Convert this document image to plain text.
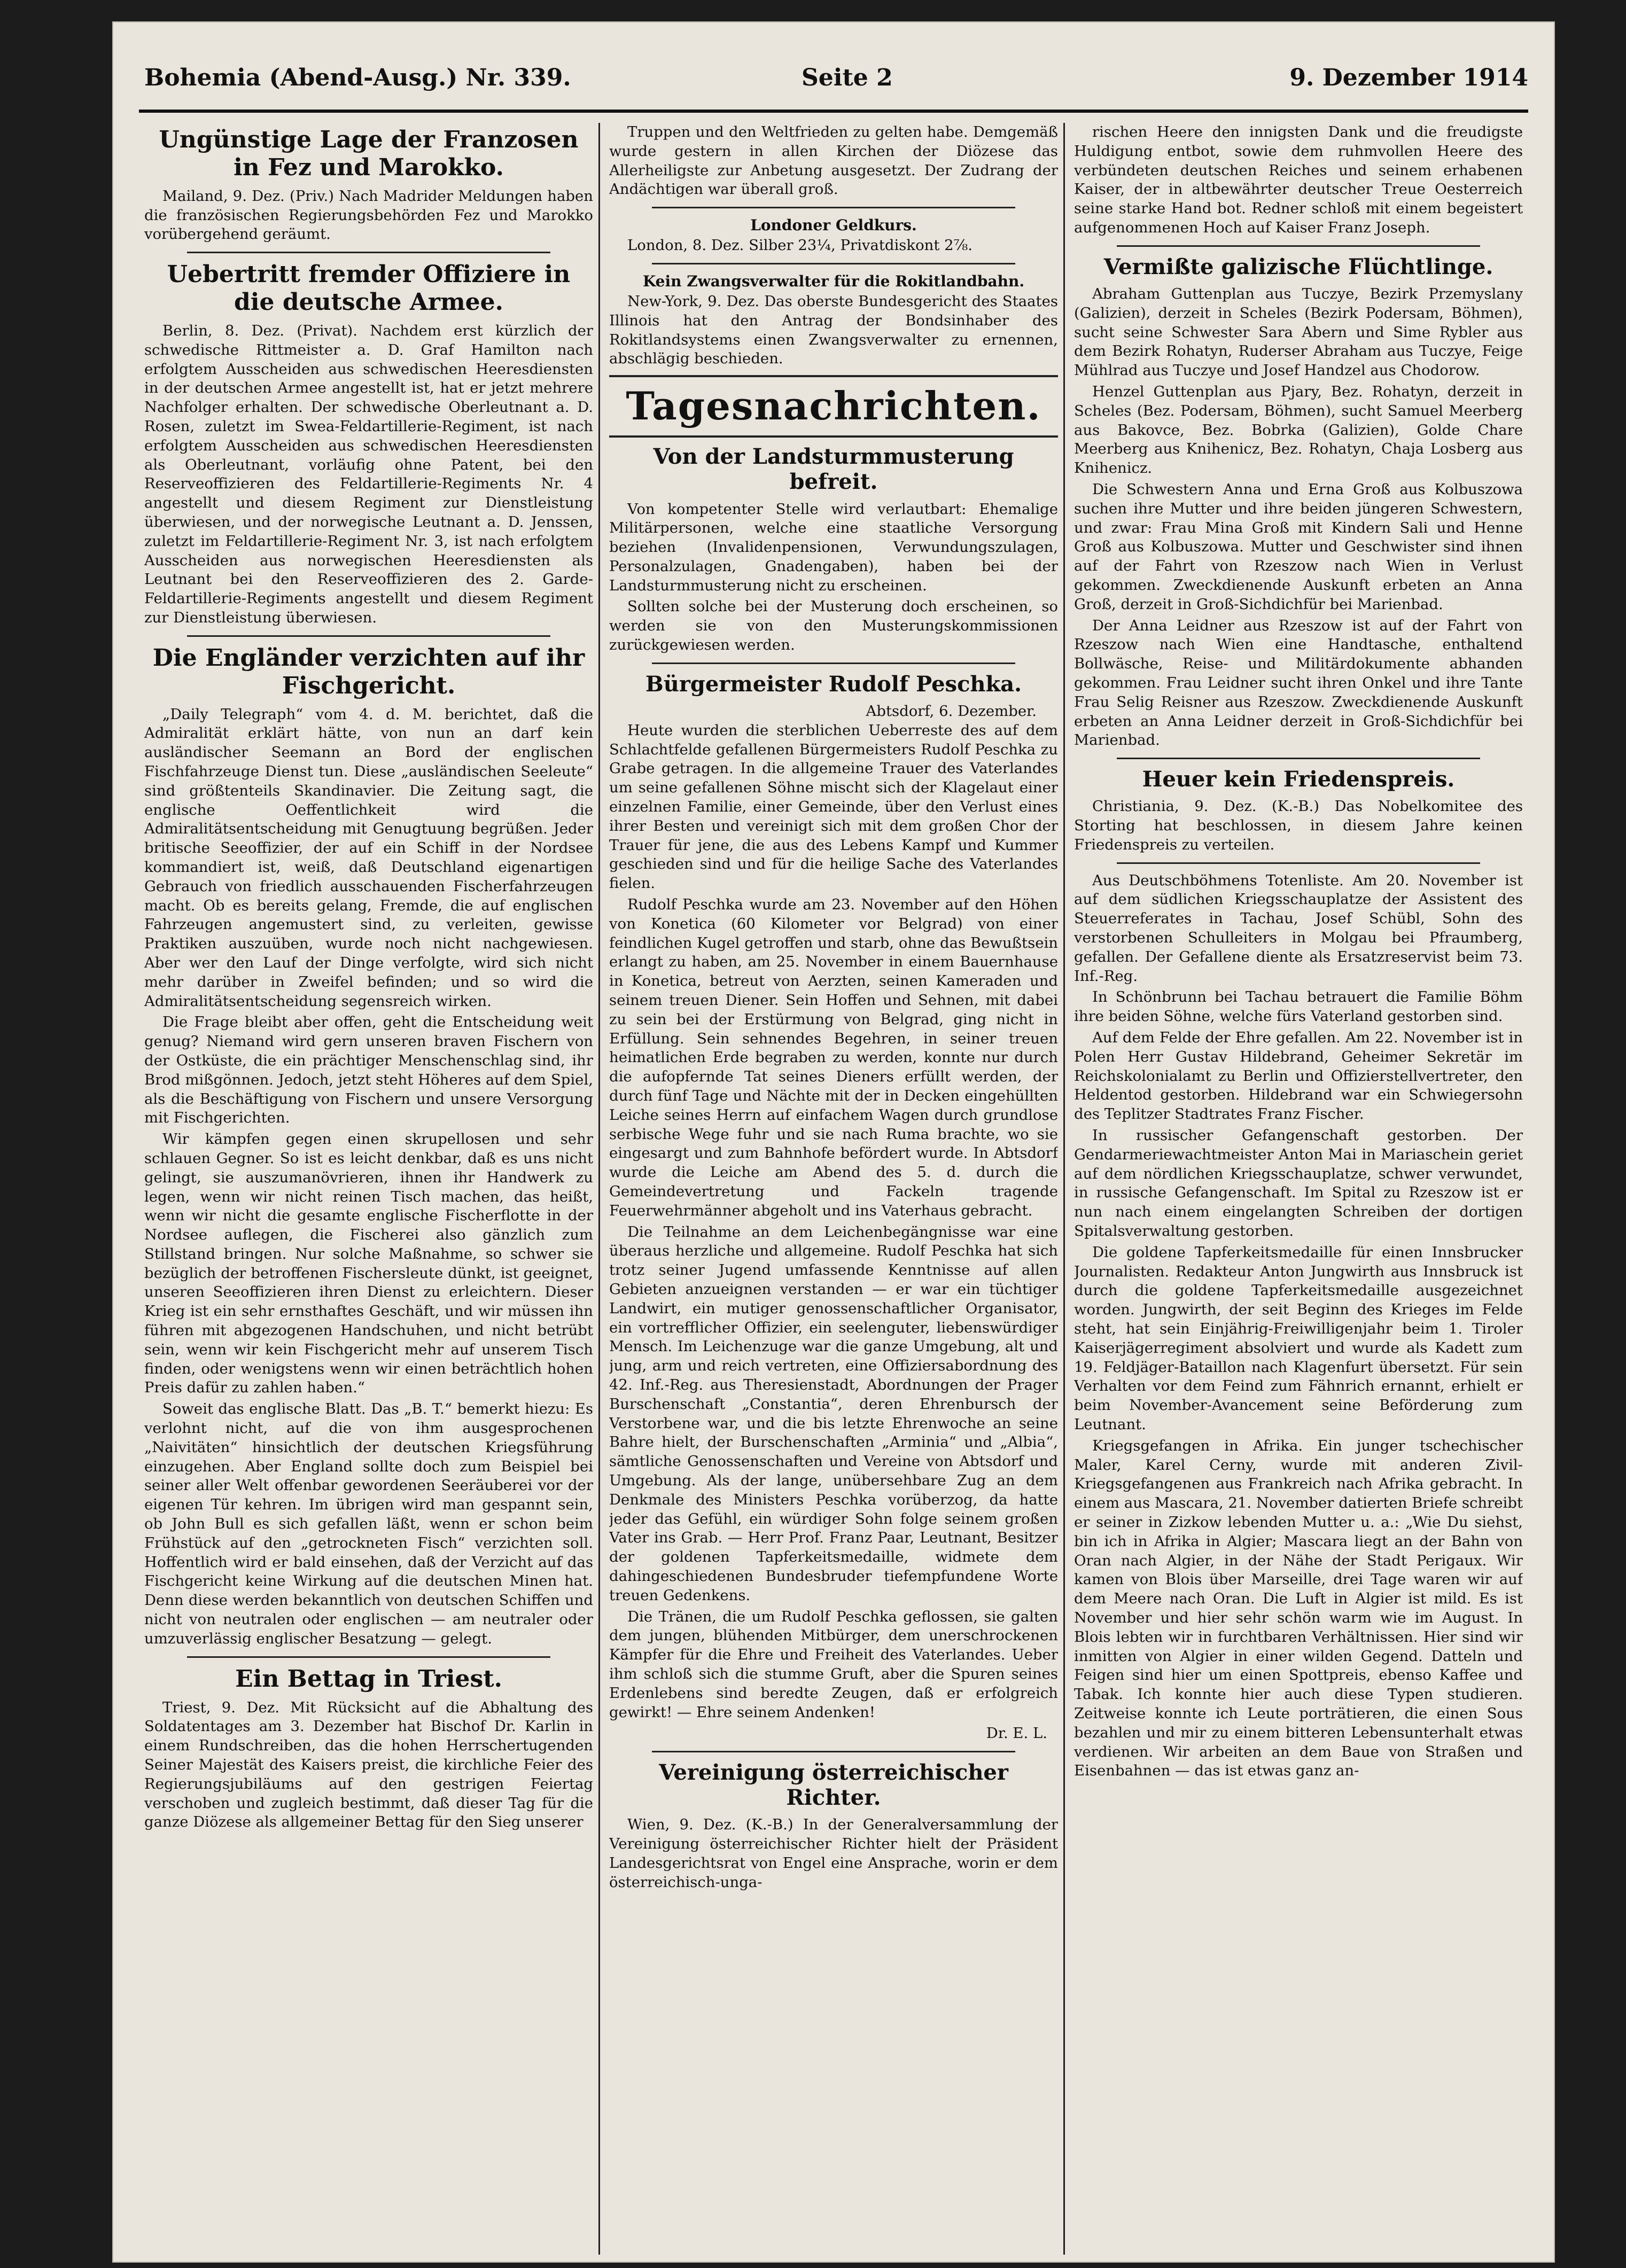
Bohemia (Abend-Ausg.) Nr. 339.	Seite 2	9. Dezember 1914
Ungünstige Lage der Franzosen in Fez und Marokko.

Mailand, 9. Dez. (Priv.) Nach Madrider Meldungen haben die französischen Regierungsbehörden Fez und Marokko vorübergehend geräumt.

Uebertritt fremder Offiziere in die deutsche Armee.

Berlin, 8. Dez. (Privat). Nachdem erst kürzlich der schwedische Rittmeister a. D. Graf Hamilton nach erfolgtem Ausscheiden aus schwedischen Heeresdiensten in der deutschen Armee angestellt ist, hat er jetzt mehrere Nachfolger erhalten. Der schwedische Oberleutnant a. D. Rosen, zuletzt im Swea-Feldartillerie-Regiment, ist nach erfolgtem Ausscheiden aus schwedischen Heeresdiensten als Oberleutnant, vorläufig ohne Patent, bei den Reserveoffizieren des Feldartillerie-Regiments Nr. 4 angestellt und diesem Regiment zur Dienstleistung überwiesen, und der norwegische Leutnant a. D. Jenssen, zuletzt im Feldartillerie-Regiment Nr. 3, ist nach erfolgtem Ausscheiden aus norwegischen Heeresdiensten als Leutnant bei den Reserveoffizieren des 2. Garde-Feldartillerie-Regiments angestellt und diesem Regiment zur Dienstleistung überwiesen.

Die Engländer verzichten auf ihr Fischgericht.

„Daily Telegraph“ vom 4. d. M. berichtet, daß die Admiralität erklärt hätte, von nun an darf kein ausländischer Seemann an Bord der englischen Fischfahrzeuge Dienst tun. Diese „ausländischen Seeleute“ sind größtenteils Skandinavier. Die Zeitung sagt, die englische Oeffentlichkeit wird die Admiralitätsentscheidung mit Genugtuung begrüßen. Jeder britische Seeoffizier, der auf ein Schiff in der Nordsee kommandiert ist, weiß, daß Deutschland eigenartigen Gebrauch von friedlich ausschauenden Fischerfahrzeugen macht. Ob es bereits gelang, Fremde, die auf englischen Fahrzeugen angemustert sind, zu verleiten, gewisse Praktiken auszuüben, wurde noch nicht nachgewiesen. Aber wer den Lauf der Dinge verfolgte, wird sich nicht mehr darüber in Zweifel befinden; und so wird die Admiralitätsentscheidung segensreich wirken.

Die Frage bleibt aber offen, geht die Entscheidung weit genug? Niemand wird gern unseren braven Fischern von der Ostküste, die ein prächtiger Menschenschlag sind, ihr Brod mißgönnen. Jedoch, jetzt steht Höheres auf dem Spiel, als die Beschäftigung von Fischern und unsere Versorgung mit Fischgerichten.

Wir kämpfen gegen einen skrupellosen und sehr schlauen Gegner. So ist es leicht denkbar, daß es uns nicht gelingt, sie auszumanövrieren, ihnen ihr Handwerk zu legen, wenn wir nicht reinen Tisch machen, das heißt, wenn wir nicht die gesamte englische Fischerflotte in der Nordsee auflegen, die Fischerei also gänzlich zum Stillstand bringen. Nur solche Maßnahme, so schwer sie bezüglich der betroffenen Fischersleute dünkt, ist geeignet, unseren Seeoffizieren ihren Dienst zu erleichtern. Dieser Krieg ist ein sehr ernsthaftes Geschäft, und wir müssen ihn führen mit abgezogenen Handschuhen, und nicht betrübt sein, wenn wir kein Fischgericht mehr auf unserem Tisch finden, oder wenigstens wenn wir einen beträchtlich hohen Preis dafür zu zahlen haben.“

Soweit das englische Blatt. Das „B. T.“ bemerkt hiezu: Es verlohnt nicht, auf die von ihm ausgesprochenen „Naivitäten“ hinsichtlich der deutschen Kriegsführung einzugehen. Aber England sollte doch zum Beispiel bei seiner aller Welt offenbar gewordenen Seeräuberei vor der eigenen Tür kehren. Im übrigen wird man gespannt sein, ob John Bull es sich gefallen läßt, wenn er schon beim Frühstück auf den „getrockneten Fisch“ verzichten soll. Hoffentlich wird er bald einsehen, daß der Verzicht auf das Fischgericht keine Wirkung auf die deutschen Minen hat. Denn diese werden bekanntlich von deutschen Schiffen und nicht von neutralen oder englischen — am neutraler oder umzuverlässig englischer Besatzung — gelegt.

Ein Bettag in Triest.

Triest, 9. Dez. Mit Rücksicht auf die Abhaltung des Soldatentages am 3. Dezember hat Bischof Dr. Karlin in einem Rundschreiben, das die hohen Herrschertugenden Seiner Majestät des Kaisers preist, die kirchliche Feier des Regierungsjubiläums auf den gestrigen Feiertag verschoben und zugleich bestimmt, daß dieser Tag für die ganze Diözese als allgemeiner Bettag für den Sieg unserer

Truppen und den Weltfrieden zu gelten habe. Demgemäß wurde gestern in allen Kirchen der Diözese das Allerheiligste zur Anbetung ausgesetzt. Der Zudrang der Andächtigen war überall groß.

Londoner Geldkurs.

London, 8. Dez. Silber 23¼, Privatdiskont 2⅞.

Kein Zwangsverwalter für die Rokitlandbahn.

New-York, 9. Dez. Das oberste Bundesgericht des Staates Illinois hat den Antrag der Bondsinhaber des Rokitlandsystems einen Zwangsverwalter zu ernennen, abschlägig beschieden.

Tagesnachrichten.
Von der Landsturmmusterung befreit.

Von kompetenter Stelle wird verlautbart: Ehemalige Militärpersonen, welche eine staatliche Versorgung beziehen (Invalidenpensionen, Verwundungszulagen, Personalzulagen, Gnadengaben), haben bei der Landsturmmusterung nicht zu erscheinen.

Sollten solche bei der Musterung doch erscheinen, so werden sie von den Musterungskommissionen zurückgewiesen werden.

Bürgermeister Rudolf Peschka.

Abtsdorf, 6. Dezember.

Heute wurden die sterblichen Ueberreste des auf dem Schlachtfelde gefallenen Bürgermeisters Rudolf Peschka zu Grabe getragen. In die allgemeine Trauer des Vaterlandes um seine gefallenen Söhne mischt sich der Klagelaut einer einzelnen Familie, einer Gemeinde, über den Verlust eines ihrer Besten und vereinigt sich mit dem großen Chor der Trauer für jene, die aus des Lebens Kampf und Kummer geschieden sind und für die heilige Sache des Vaterlandes fielen.

Rudolf Peschka wurde am 23. November auf den Höhen von Konetica (60 Kilometer vor Belgrad) von einer feindlichen Kugel getroffen und starb, ohne das Bewußtsein erlangt zu haben, am 25. November in einem Bauernhause in Konetica, betreut von Aerzten, seinen Kameraden und seinem treuen Diener. Sein Hoffen und Sehnen, mit dabei zu sein bei der Erstürmung von Belgrad, ging nicht in Erfüllung. Sein sehnendes Begehren, in seiner treuen heimatlichen Erde begraben zu werden, konnte nur durch die aufopfernde Tat seines Dieners erfüllt werden, der durch fünf Tage und Nächte mit der in Decken eingehüllten Leiche seines Herrn auf einfachem Wagen durch grundlose serbische Wege fuhr und sie nach Ruma brachte, wo sie eingesargt und zum Bahnhofe befördert wurde. In Abtsdorf wurde die Leiche am Abend des 5. d. durch die Gemeindevertretung und Fackeln tragende Feuerwehrmänner abgeholt und ins Vaterhaus gebracht.

Die Teilnahme an dem Leichenbegängnisse war eine überaus herzliche und allgemeine. Rudolf Peschka hat sich trotz seiner Jugend umfassende Kenntnisse auf allen Gebieten anzueignen verstanden — er war ein tüchtiger Landwirt, ein mutiger genossenschaftlicher Organisator, ein vortrefflicher Offizier, ein seelenguter, liebenswürdiger Mensch. Im Leichenzuge war die ganze Umgebung, alt und jung, arm und reich vertreten, eine Offiziersabordnung des 42. Inf.-Reg. aus Theresienstadt, Abordnungen der Prager Burschenschaft „Constantia“, deren Ehrenbursch der Verstorbene war, und die bis letzte Ehrenwoche an seine Bahre hielt, der Burschenschaften „Arminia“ und „Albia“, sämtliche Genossenschaften und Vereine von Abtsdorf und Umgebung. Als der lange, unübersehbare Zug an dem Denkmale des Ministers Peschka vorüberzog, da hatte jeder das Gefühl, ein würdiger Sohn folge seinem großen Vater ins Grab. — Herr Prof. Franz Paar, Leutnant, Besitzer der goldenen Tapferkeitsmedaille, widmete dem dahingeschiedenen Bundesbruder tiefempfundene Worte treuen Gedenkens.

Die Tränen, die um Rudolf Peschka geflossen, sie galten dem jungen, blühenden Mitbürger, dem unerschrockenen Kämpfer für die Ehre und Freiheit des Vaterlandes. Ueber ihm schloß sich die stumme Gruft, aber die Spuren seines Erdenlebens sind beredte Zeugen, daß er erfolgreich gewirkt! — Ehre seinem Andenken!

Dr. E. L.

Vereinigung österreichischer Richter.

Wien, 9. Dez. (K.-B.) In der Generalversammlung der Vereinigung österreichischer Richter hielt der Präsident Landesgerichtsrat von Engel eine Ansprache, worin er dem österreichisch-unga-

rischen Heere den innigsten Dank und die freudigste Huldigung entbot, sowie dem ruhmvollen Heere des verbündeten deutschen Reiches und seinem erhabenen Kaiser, der in altbewährter deutscher Treue Oesterreich seine starke Hand bot. Redner schloß mit einem begeistert aufgenommenen Hoch auf Kaiser Franz Joseph.

Vermißte galizische Flüchtlinge.

Abraham Guttenplan aus Tuczye, Bezirk Przemyslany (Galizien), derzeit in Scheles (Bezirk Podersam, Böhmen), sucht seine Schwester Sara Abern und Sime Rybler aus dem Bezirk Rohatyn, Ruderser Abraham aus Tuczye, Feige Mühlrad aus Tuczye und Josef Handzel aus Chodorow.

Henzel Guttenplan aus Pjary, Bez. Rohatyn, derzeit in Scheles (Bez. Podersam, Böhmen), sucht Samuel Meerberg aus Bakovce, Bez. Bobrka (Galizien), Golde Chare Meerberg aus Knihenicz, Bez. Rohatyn, Chaja Losberg aus Knihenicz.

Die Schwestern Anna und Erna Groß aus Kolbuszowa suchen ihre Mutter und ihre beiden jüngeren Schwestern, und zwar: Frau Mina Groß mit Kindern Sali und Henne Groß aus Kolbuszowa. Mutter und Geschwister sind ihnen auf der Fahrt von Rzeszow nach Wien in Verlust gekommen. Zweckdienende Auskunft erbeten an Anna Groß, derzeit in Groß-Sichdichfür bei Marienbad.

Der Anna Leidner aus Rzeszow ist auf der Fahrt von Rzeszow nach Wien eine Handtasche, enthaltend Bollwäsche, Reise- und Militärdokumente abhanden gekommen. Frau Leidner sucht ihren Onkel und ihre Tante Frau Selig Reisner aus Rzeszow. Zweckdienende Auskunft erbeten an Anna Leidner derzeit in Groß-Sichdichfür bei Marienbad.

Heuer kein Friedenspreis.

Christiania, 9. Dez. (K.-B.) Das Nobelkomitee des Storting hat beschlossen, in diesem Jahre keinen Friedenspreis zu verteilen.

Aus Deutschböhmens Totenliste. Am 20. November ist auf dem südlichen Kriegsschauplatze der Assistent des Steuerreferates in Tachau, Josef Schübl, Sohn des verstorbenen Schulleiters in Molgau bei Pfraumberg, gefallen. Der Gefallene diente als Ersatzreservist beim 73. Inf.-Reg.

In Schönbrunn bei Tachau betrauert die Familie Böhm ihre beiden Söhne, welche fürs Vaterland gestorben sind.

Auf dem Felde der Ehre gefallen. Am 22. November ist in Polen Herr Gustav Hildebrand, Geheimer Sekretär im Reichskolonialamt zu Berlin und Offizierstellvertreter, den Heldentod gestorben. Hildebrand war ein Schwiegersohn des Teplitzer Stadtrates Franz Fischer.

In russischer Gefangenschaft gestorben. Der Gendarmeriewachtmeister Anton Mai in Mariaschein geriet auf dem nördlichen Kriegsschauplatze, schwer verwundet, in russische Gefangenschaft. Im Spital zu Rzeszow ist er nun nach einem eingelangten Schreiben der dortigen Spitalsverwaltung gestorben.

Die goldene Tapferkeitsmedaille für einen Innsbrucker Journalisten. Redakteur Anton Jungwirth aus Innsbruck ist durch die goldene Tapferkeitsmedaille ausgezeichnet worden. Jungwirth, der seit Beginn des Krieges im Felde steht, hat sein Einjährig-Freiwilligenjahr beim 1. Tiroler Kaiserjägerregiment absolviert und wurde als Kadett zum 19. Feldjäger-Bataillon nach Klagenfurt übersetzt. Für sein Verhalten vor dem Feind zum Fähnrich ernannt, erhielt er beim November-Avancement seine Beförderung zum Leutnant.

Kriegsgefangen in Afrika. Ein junger tschechischer Maler, Karel Cerny, wurde mit anderen Zivil-Kriegsgefangenen aus Frankreich nach Afrika gebracht. In einem aus Mascara, 21. November datierten Briefe schreibt er seiner in Zizkow lebenden Mutter u. a.: „Wie Du siehst, bin ich in Afrika in Algier; Mascara liegt an der Bahn von Oran nach Algier, in der Nähe der Stadt Perigaux. Wir kamen von Blois über Marseille, drei Tage waren wir auf dem Meere nach Oran. Die Luft in Algier ist mild. Es ist November und hier sehr schön warm wie im August. In Blois lebten wir in furchtbaren Verhältnissen. Hier sind wir inmitten von Algier in einer wilden Gegend. Datteln und Feigen sind hier um einen Spottpreis, ebenso Kaffee und Tabak. Ich konnte hier auch diese Typen studieren. Zeitweise konnte ich Leute porträtieren, die einen Sous bezahlen und mir zu einem bitteren Lebensunterhalt etwas verdienen. Wir arbeiten an dem Baue von Straßen und Eisenbahnen — das ist etwas ganz an-
